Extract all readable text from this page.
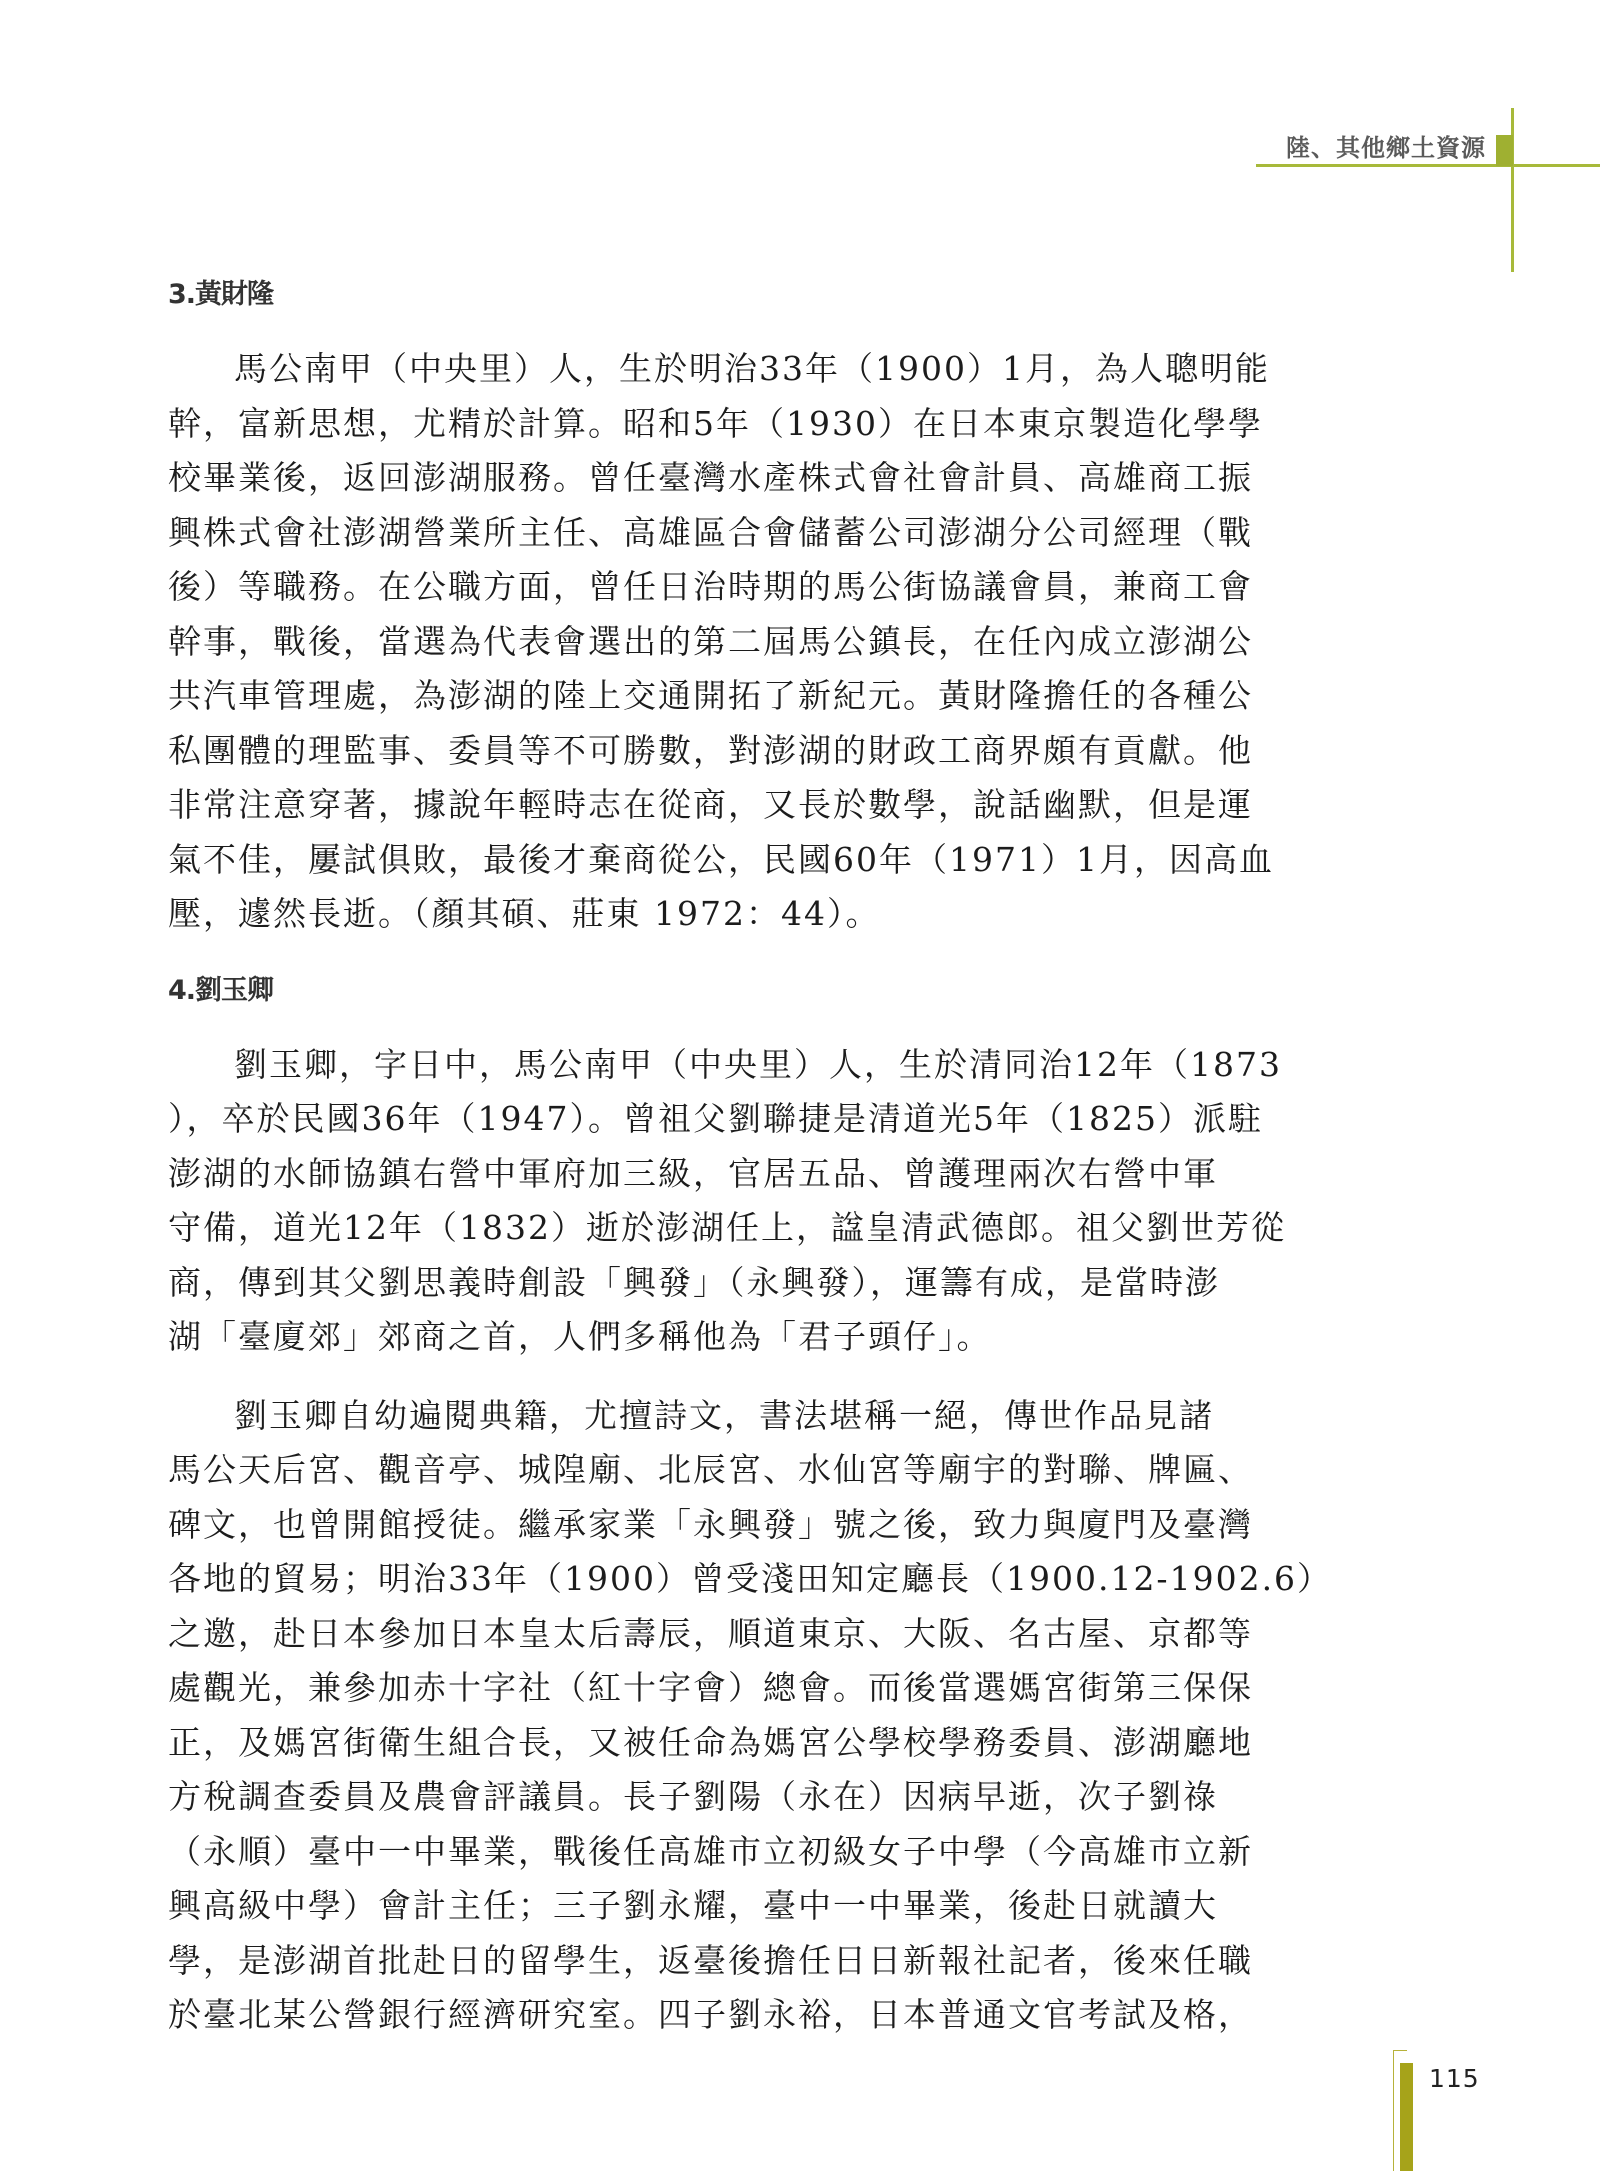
陸、其他鄉土資源
3.黃財隆

馬公南甲（中央里）人，生於明治33年（1900）1月，為人聰明能
幹，富新思想，尤精於計算。昭和5年（1930）在日本東京製造化學學
校畢業後，返回澎湖服務。曾任臺灣水產株式會社會計員、高雄商工振
興株式會社澎湖營業所主任、高雄區合會儲蓄公司澎湖分公司經理（戰
後）等職務。在公職方面，曾任日治時期的馬公街協議會員，兼商工會
幹事，戰後，當選為代表會選出的第二屆馬公鎮長，在任內成立澎湖公
共汽車管理處，為澎湖的陸上交通開拓了新紀元。黃財隆擔任的各種公
私團體的理監事、委員等不可勝數，對澎湖的財政工商界頗有貢獻。他
非常注意穿著，據說年輕時志在從商，又長於數學，說話幽默，但是運
氣不佳，屢試俱敗，最後才棄商從公，民國60年（1971）1月，因高血
壓，遽然長逝。（顏其碩、莊東 1972：44）。

4.劉玉卿

劉玉卿，字日中，馬公南甲（中央里）人，生於清同治12年（1873
），卒於民國36年（1947）。曾祖父劉聯捷是清道光5年（1825）派駐
澎湖的水師協鎮右營中軍府加三級，官居五品、曾護理兩次右營中軍
守備，道光12年（1832）逝於澎湖任上，諡皇清武德郎。祖父劉世芳從
商，傳到其父劉思義時創設「興發」（永興發），運籌有成，是當時澎
湖「臺廈郊」郊商之首，人們多稱他為「君子頭仔」。

劉玉卿自幼遍閱典籍，尤擅詩文，書法堪稱一絕，傳世作品見諸
馬公天后宮、觀音亭、城隍廟、北辰宮、水仙宮等廟宇的對聯、牌匾、
碑文，也曾開館授徒。繼承家業「永興發」號之後，致力與廈門及臺灣
各地的貿易；明治33年（1900）曾受淺田知定廳長（1900.12-1902.6）
之邀，赴日本參加日本皇太后壽辰，順道東京、大阪、名古屋、京都等
處觀光，兼參加赤十字社（紅十字會）總會。而後當選媽宮街第三保保
正，及媽宮街衛生組合長，又被任命為媽宮公學校學務委員、澎湖廳地
方稅調查委員及農會評議員。長子劉陽（永在）因病早逝，次子劉祿
（永順）臺中一中畢業，戰後任高雄市立初級女子中學（今高雄市立新
興高級中學）會計主任；三子劉永耀，臺中一中畢業，後赴日就讀大
學，是澎湖首批赴日的留學生，返臺後擔任日日新報社記者，後來任職
於臺北某公營銀行經濟研究室。四子劉永裕，日本普通文官考試及格，

115
